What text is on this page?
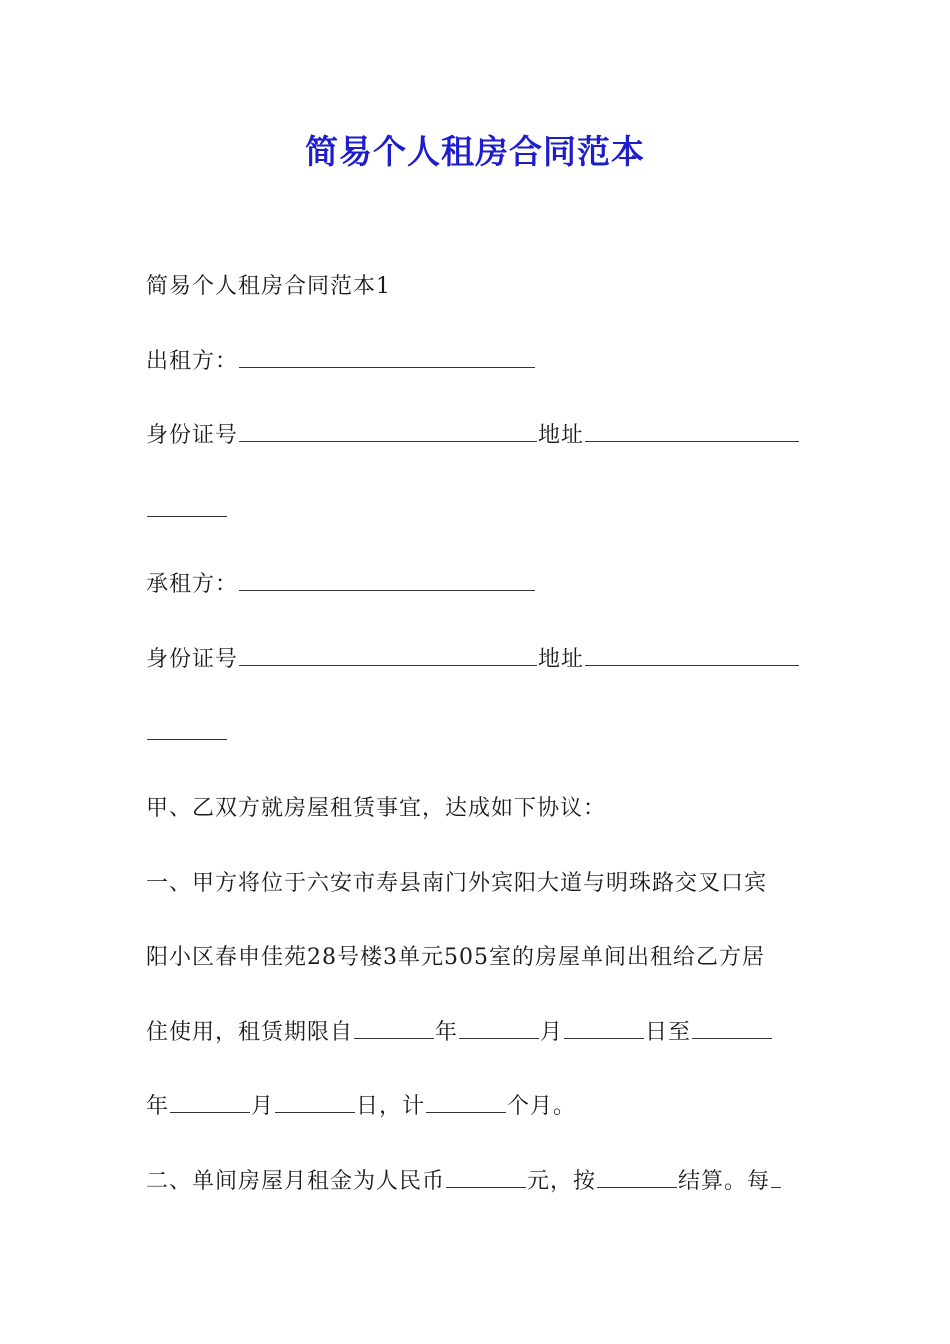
简易个人租房合同范本
简易个人租房合同范本1
出租方：
身份证号	地址
承租方：
身份证号	地址
甲、乙双方就房屋租赁事宜，达成如下协议：
一、甲方将位于六安市寿县南门外宾阳大道与明珠路交叉口宾
阳小区春申佳苑28号楼3单元505室的房屋单间出租给乙方居
住使用，租赁期限自	年	月	日至
年	月	日，计	个月。
二、单间房屋月租金为人民币	元，按	结算。每
